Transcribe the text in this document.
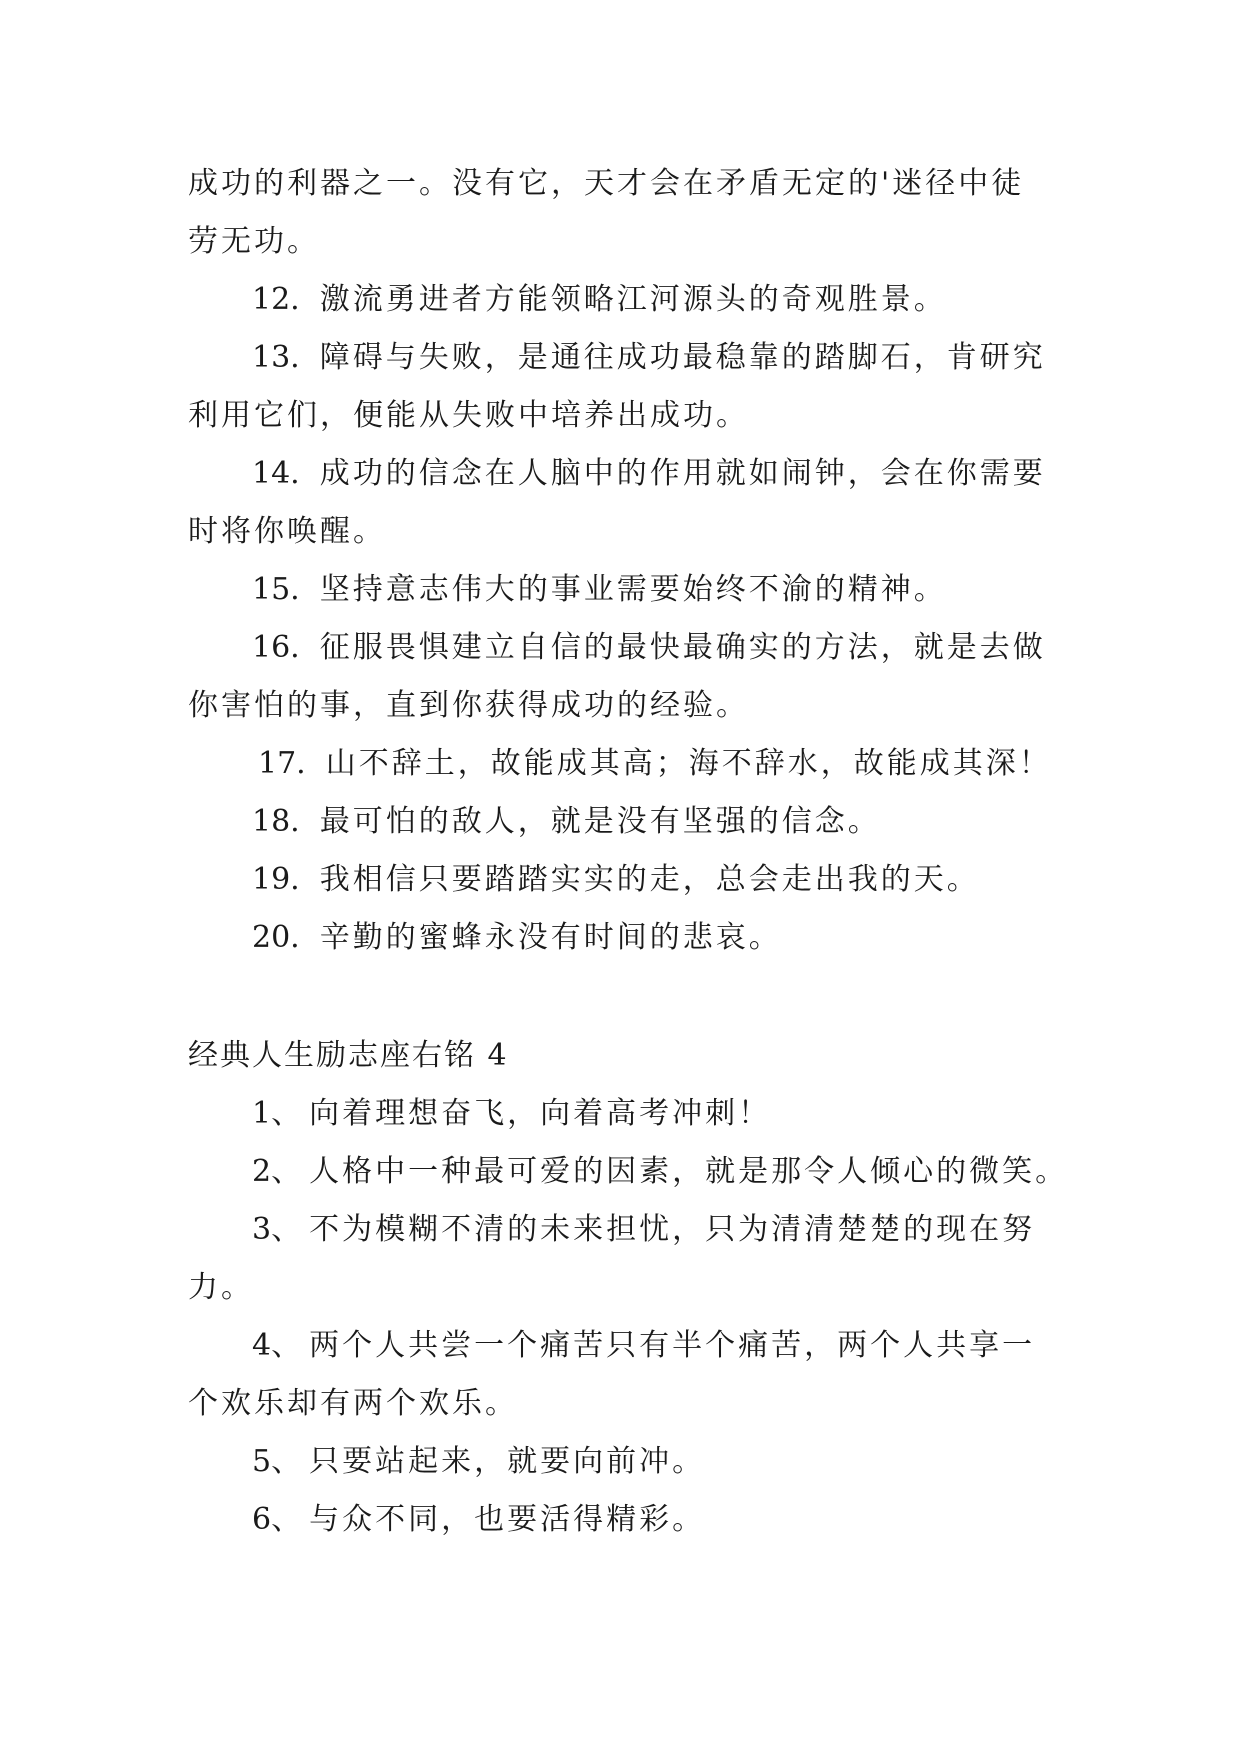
成功的利器之一。没有它，天才会在矛盾无定的'迷径中徒
劳无功。
12. 激流勇进者方能领略江河源头的奇观胜景。
13. 障碍与失败，是通往成功最稳靠的踏脚石，肯研究
利用它们，便能从失败中培养出成功。
14. 成功的信念在人脑中的作用就如闹钟，会在你需要
时将你唤醒。
15. 坚持意志伟大的事业需要始终不渝的精神。
16. 征服畏惧建立自信的最快最确实的方法，就是去做
你害怕的事，直到你获得成功的经验。
17. 山不辞土，故能成其高；海不辞水，故能成其深！
18. 最可怕的敌人，就是没有坚强的信念。
19. 我相信只要踏踏实实的走，总会走出我的天。
20. 辛勤的蜜蜂永没有时间的悲哀。
经典人生励志座右铭 4
1、 向着理想奋飞，向着高考冲刺！
2、 人格中一种最可爱的因素，就是那令人倾心的微笑。
3、 不为模糊不清的未来担忧，只为清清楚楚的现在努
力。
4、 两个人共尝一个痛苦只有半个痛苦，两个人共享一
个欢乐却有两个欢乐。
5、 只要站起来，就要向前冲。
6、 与众不同，也要活得精彩。
